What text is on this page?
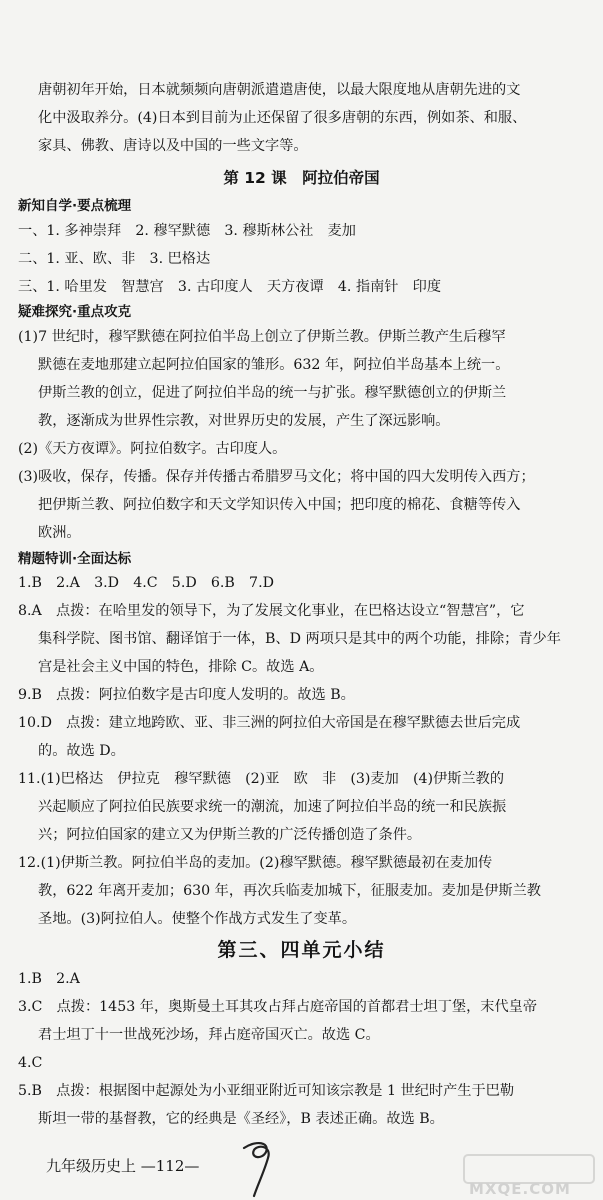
唐朝初年开始，日本就频频向唐朝派遣遣唐使，以最大限度地从唐朝先进的文
化中汲取养分。(4)日本到目前为止还保留了很多唐朝的东西，例如茶、和服、
家具、佛教、唐诗以及中国的一些文字等。
第 12 课　阿拉伯帝国
新知自学·要点梳理
一、1. 多神崇拜　2. 穆罕默德　3. 穆斯林公社　麦加
二、1. 亚、欧、非　3. 巴格达
三、1. 哈里发　智慧宫　3. 古印度人　天方夜谭　4. 指南针　印度
疑难探究·重点攻克
(1)7 世纪时，穆罕默德在阿拉伯半岛上创立了伊斯兰教。伊斯兰教产生后穆罕
默德在麦地那建立起阿拉伯国家的雏形。632 年，阿拉伯半岛基本上统一。
伊斯兰教的创立，促进了阿拉伯半岛的统一与扩张。穆罕默德创立的伊斯兰
教，逐渐成为世界性宗教，对世界历史的发展，产生了深远影响。
(2)《天方夜谭》。阿拉伯数字。古印度人。
(3)吸收，保存，传播。保存并传播古希腊罗马文化；将中国的四大发明传入西方；
把伊斯兰教、阿拉伯数字和天文学知识传入中国；把印度的棉花、食糖等传入
欧洲。
精题特训·全面达标
1.B　2.A　3.D　4.C　5.D　6.B　7.D
8.A　点拨：在哈里发的领导下，为了发展文化事业，在巴格达设立“智慧宫”，它
集科学院、图书馆、翻译馆于一体，B、D 两项只是其中的两个功能，排除；青少年
宫是社会主义中国的特色，排除 C。故选 A。
9.B　点拨：阿拉伯数字是古印度人发明的。故选 B。
10.D　点拨：建立地跨欧、亚、非三洲的阿拉伯大帝国是在穆罕默德去世后完成
的。故选 D。
11.(1)巴格达　伊拉克　穆罕默德　(2)亚　欧　非　(3)麦加　(4)伊斯兰教的
兴起顺应了阿拉伯民族要求统一的潮流，加速了阿拉伯半岛的统一和民族振
兴；阿拉伯国家的建立又为伊斯兰教的广泛传播创造了条件。
12.(1)伊斯兰教。阿拉伯半岛的麦加。(2)穆罕默德。穆罕默德最初在麦加传
教，622 年离开麦加；630 年，再次兵临麦加城下，征服麦加。麦加是伊斯兰教
圣地。(3)阿拉伯人。使整个作战方式发生了变革。
第三、四单元小结
1.B　2.A
3.C　点拨：1453 年，奥斯曼土耳其攻占拜占庭帝国的首都君士坦丁堡，末代皇帝
君士坦丁十一世战死沙场，拜占庭帝国灭亡。故选 C。
4.C
5.B　点拨：根据图中起源处为小亚细亚附近可知该宗教是 1 世纪时产生于巴勒
斯坦一带的基督教，它的经典是《圣经》，B 表述正确。故选 B。
九年级历史上 —112—
MXQE.COM
